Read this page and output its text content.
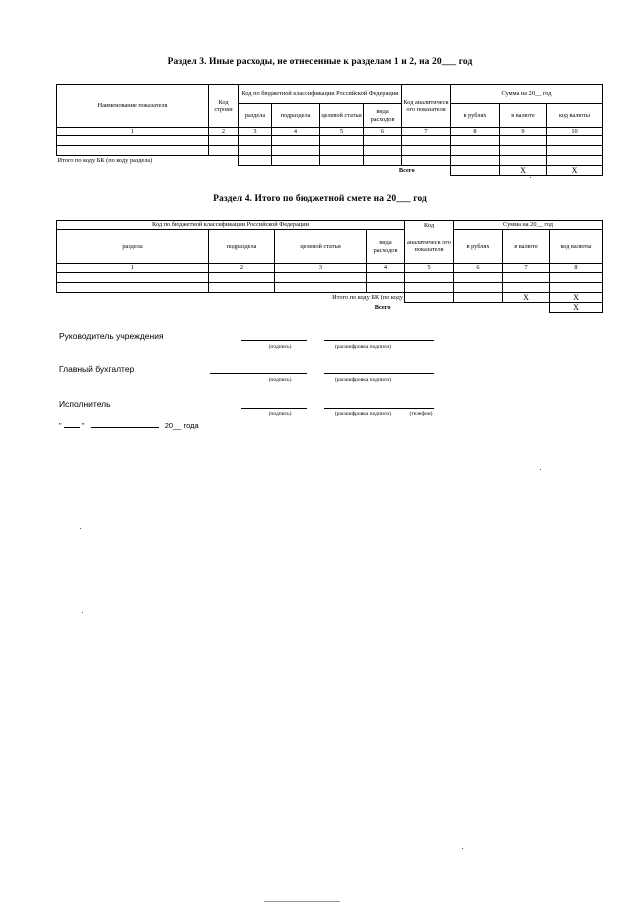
Раздел 3. Иные расходы, не отнесенные к разделам 1 и 2, на 20___ год
Наименование показателя	Код строки	Код по бюджетной классификации Российской Федерации				Код аналитическ ого показателя	Сумма на 20__ год		
		раздела	подраздела	целевой статьи	вида расходов		в рублях	в валюте	код валюты
1	2	3	4	5	6	7	8	9	10

Итого по коду БК (по коду раздела)									
					Всего			X	X
Раздел 4. Итого по бюджетной смете на 20___ год
Код по бюджетной классификации Российской Федерации				Код	Сумма на 20__ год		
раздела	подраздела	целевой статьи	вида расходов	аналитическ ого показателя	в рублях	в валюте	код валюты
1	2	3	4	5	6	7	8

Итого по коду БК (по коду						X	X
		Всего					X
Руководитель учреждения
(подпись)	(расшифровка подписи)
Главный бухгалтер
(подпись)	(расшифровка подписи)
Исполнитель
(подпись)	(расшифровка подписи)	(телефон)
"	"	20__ года
